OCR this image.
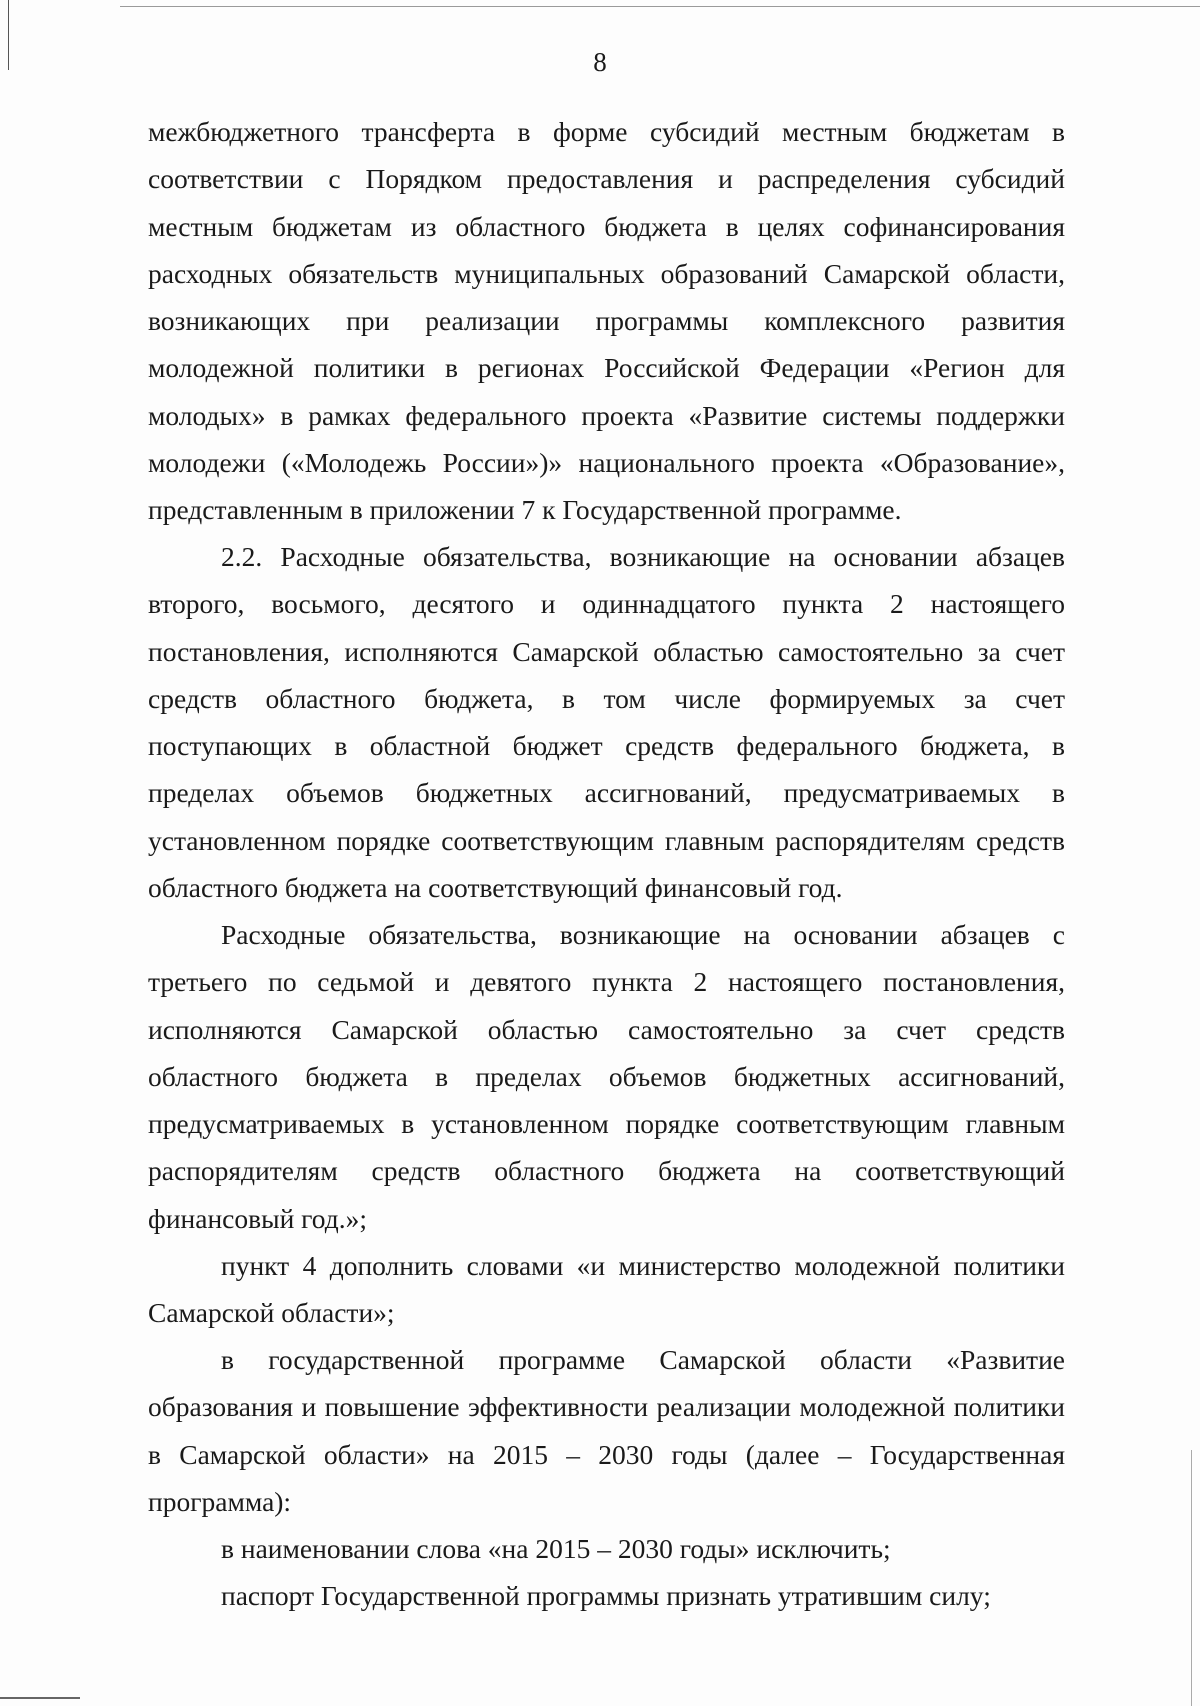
8
межбюджетного трансферта в форме субсидий местным бюджетам в
соответствии с Порядком предоставления и распределения субсидий
местным бюджетам из областного бюджета в целях софинансирования
расходных обязательств муниципальных образований Самарской области,
возникающих при реализации программы комплексного развития
молодежной политики в регионах Российской Федерации «Регион для
молодых» в рамках федерального проекта «Развитие системы поддержки
молодежи («Молодежь России»)» национального проекта «Образование»,
представленным в приложении 7 к Государственной программе.
2.2. Расходные обязательства, возникающие на основании абзацев
второго, восьмого, десятого и одиннадцатого пункта 2 настоящего
постановления, исполняются Самарской областью самостоятельно за счет
средств областного бюджета, в том числе формируемых за счет
поступающих в областной бюджет средств федерального бюджета, в
пределах объемов бюджетных ассигнований, предусматриваемых в
установленном порядке соответствующим главным распорядителям средств
областного бюджета на соответствующий финансовый год.
Расходные обязательства, возникающие на основании абзацев с
третьего по седьмой и девятого пункта 2 настоящего постановления,
исполняются Самарской областью самостоятельно за счет средств
областного бюджета в пределах объемов бюджетных ассигнований,
предусматриваемых в установленном порядке соответствующим главным
распорядителям средств областного бюджета на соответствующий
финансовый год.»;
пункт 4 дополнить словами «и министерство молодежной политики
Самарской области»;
в государственной программе Самарской области «Развитие
образования и повышение эффективности реализации молодежной политики
в Самарской области» на 2015 – 2030 годы (далее – Государственная
программа):
в наименовании слова «на 2015 – 2030 годы» исключить;
паспорт Государственной программы признать утратившим силу;
